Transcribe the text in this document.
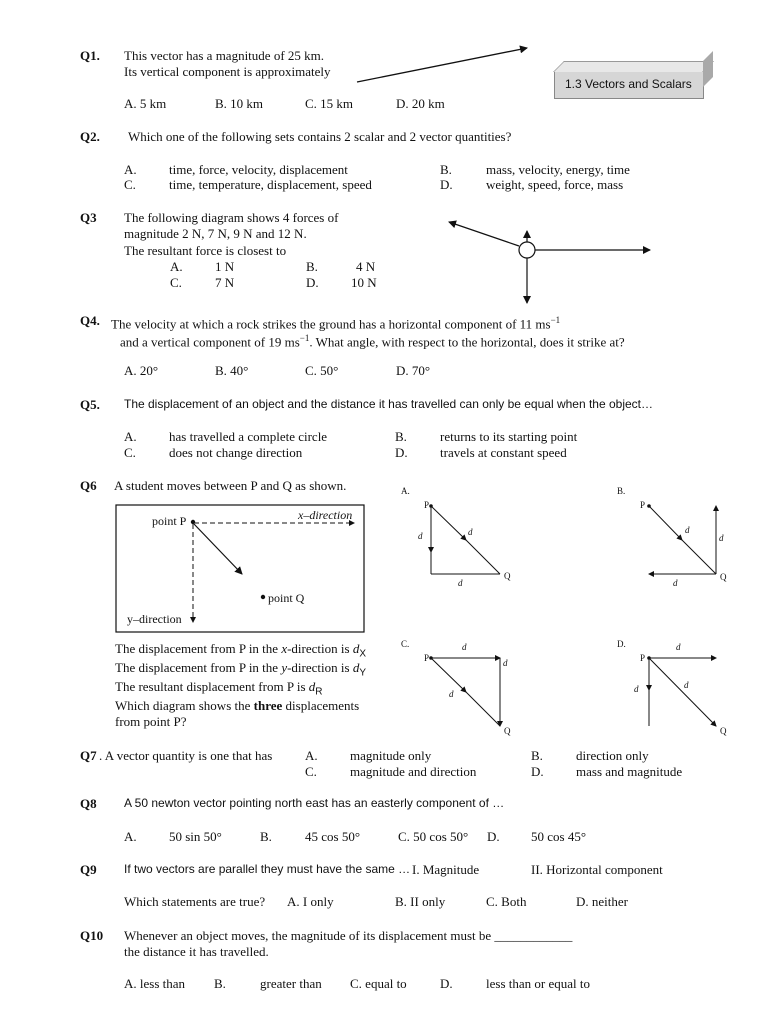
1.3 Vectors and Scalars
Q1. This vector has a magnitude of 25 km.
Its vertical component is approximately
A. 5 km	B. 10 km	C. 15 km	D. 20 km
Q2. Which one of the following sets contains 2 scalar and 2 vector quantities?
A. time, force, velocity, displacement	B.	mass, velocity, energy, time
C.	time, temperature, displacement, speed	D.	weight, speed, force, mass
Q3 The following diagram shows 4 forces of
magnitude 2 N, 7 N, 9 N and 12 N.
The resultant force is closest to
A. 1 N	B.	4 N
C.	7 N	D. 10 N
Q4. The velocity at which a rock strikes the ground has a horizontal component of 11 $ms^{-1}$
and a vertical component of 19 $ms^{-1}$. What angle, with respect to the horizontal, does it strike at?
A. 20°	B. 40°	C. 50°	D. 70°
Q5. The displacement of an object and the distance it has travelled can only be equal when the object…
A. has travelled a complete circle	B.	returns to its starting point
C.	does not change direction	D. travels at constant speed
Q6 A student moves between P and Q as shown.
The displacement from P in the x-direction is $d_X$
The displacement from P in the y-direction is $d_Y$
The resultant displacement from P is $d_R$
Which diagram shows the three displacements
from point P?
Q7 . A vector quantity is one that has	A. magnitude only	B.	direction only
C.	magnitude and direction	D. mass and magnitude
Q8 A 50 newton vector pointing north east has an easterly component of …
A. 50 sin 50°	B.	45 cos 50°	C. 50 cos 50° D. 50 cos 45°
Q9 If two vectors are parallel they must have the same … I. Magnitude	II. Horizontal component
Which statements are true? A. I only	B. II only	C. Both	D. neither
Q10 Whenever an object moves, the magnitude of its displacement must be ____________
the distance it has travelled.
A. less than B.	greater than C. equal to	D.	less than or equal to
point P	x–direction
point Q
y–direction
A.
P
Q
d	d
d
B.
P
Q
d
d
d
C.
P
Q
d
d
d
D.
P
Q
d
d	d
